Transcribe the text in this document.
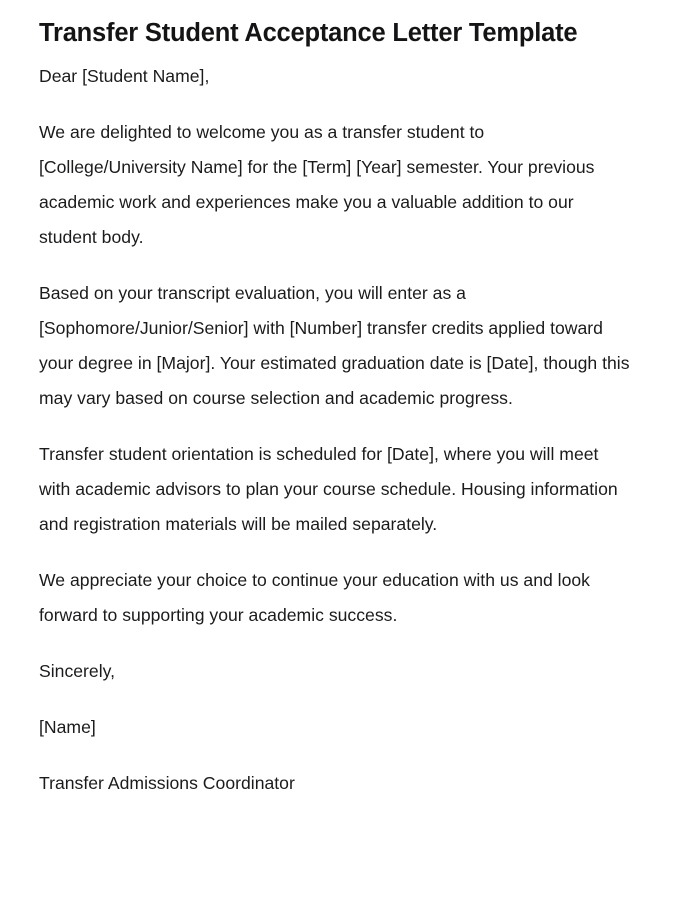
Transfer Student Acceptance Letter Template

Dear [Student Name],

We are delighted to welcome you as a transfer student to [College/University Name] for the [Term] [Year] semester. Your previous academic work and experiences make you a valuable addition to our student body.

Based on your transcript evaluation, you will enter as a [Sophomore/Junior/Senior] with [Number] transfer credits applied toward your degree in [Major]. Your estimated graduation date is [Date], though this may vary based on course selection and academic progress.

Transfer student orientation is scheduled for [Date], where you will meet with academic advisors to plan your course schedule. Housing information and registration materials will be mailed separately.

We appreciate your choice to continue your education with us and look forward to supporting your academic success.

Sincerely,

[Name]

Transfer Admissions Coordinator
